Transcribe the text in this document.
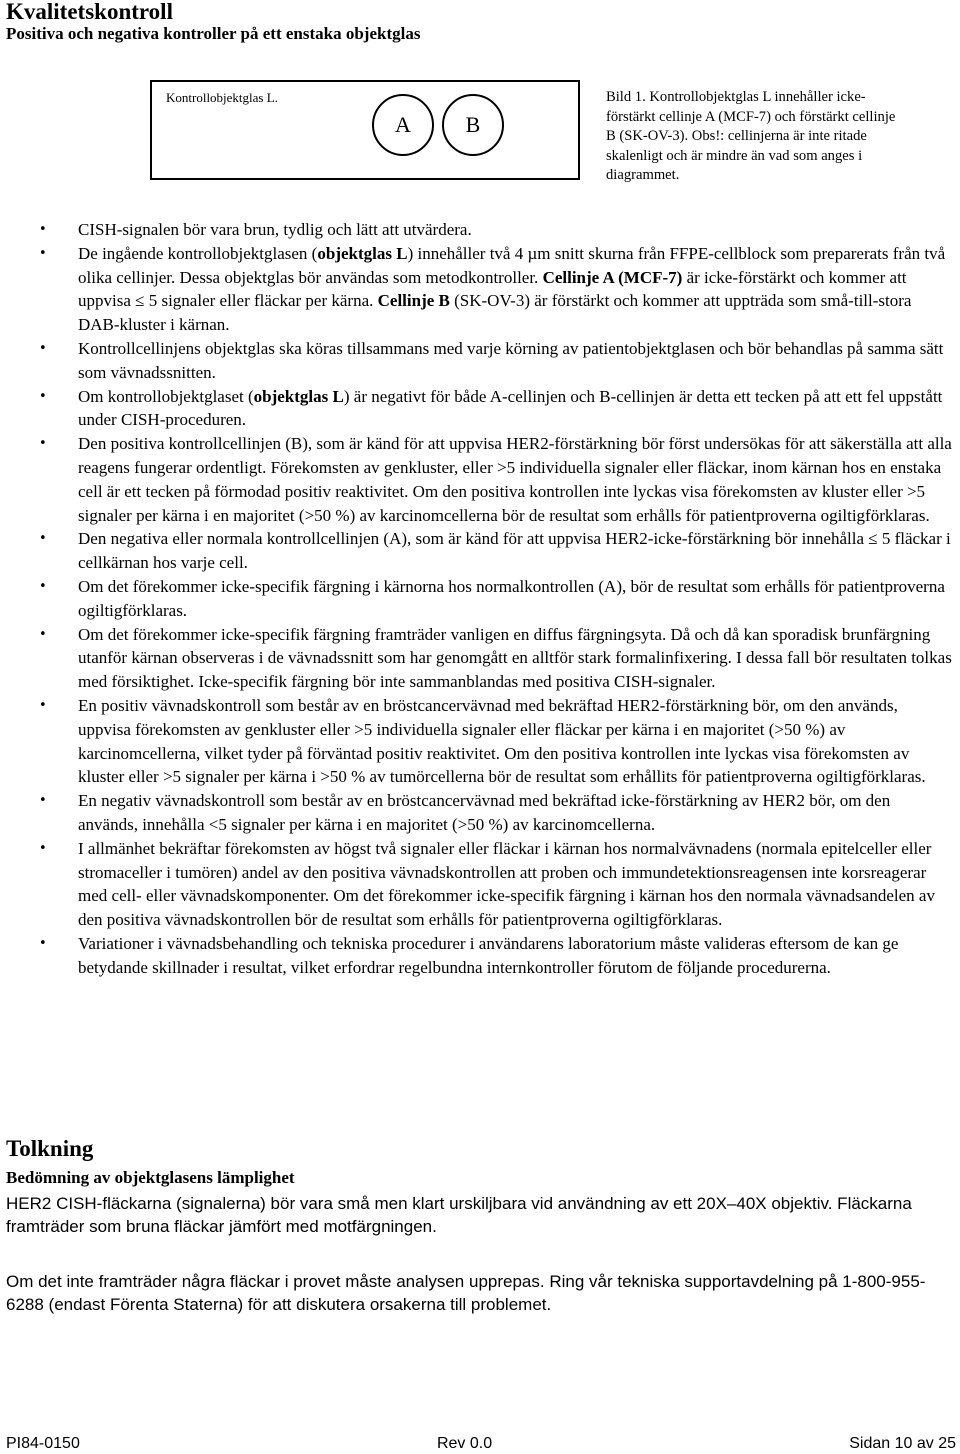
Kvalitetskontroll
Positiva och negativa kontroller på ett enstaka objektglas
Kontrollobjektglas L.
A B
Bild 1. Kontrollobjektglas L innehåller icke-förstärkt cellinje A (MCF-7) och förstärkt cellinje B (SK-OV-3). Obs!: cellinjerna är inte ritade skalenligt och är mindre än vad som anges i diagrammet.
• CISH-signalen bör vara brun, tydlig och lätt att utvärdera.
• De ingående kontrollobjektglasen (objektglas L) innehåller två 4 µm snitt skurna från FFPE-cellblock som preparerats från två olika cellinjer. Dessa objektglas bör användas som metodkontroller. Cellinje A (MCF-7) är icke-förstärkt och kommer att uppvisa ≤ 5 signaler eller fläckar per kärna. Cellinje B (SK-OV-3) är förstärkt och kommer att uppträda som små-till-stora DAB-kluster i kärnan.
• Kontrollcellinjens objektglas ska köras tillsammans med varje körning av patientobjektglasen och bör behandlas på samma sätt som vävnadssnitten.
• Om kontrollobjektglaset (objektglas L) är negativt för både A-cellinjen och B-cellinjen är detta ett tecken på att ett fel uppstått under CISH-proceduren.
• Den positiva kontrollcellinjen (B), som är känd för att uppvisa HER2-förstärkning bör först undersökas för att säkerställa att alla reagens fungerar ordentligt. Förekomsten av genkluster, eller >5 individuella signaler eller fläckar, inom kärnan hos en enstaka cell är ett tecken på förmodad positiv reaktivitet. Om den positiva kontrollen inte lyckas visa förekomsten av kluster eller >5 signaler per kärna i en majoritet (>50 %) av karcinomcellerna bör de resultat som erhålls för patientproverna ogiltigförklaras.
• Den negativa eller normala kontrollcellinjen (A), som är känd för att uppvisa HER2-icke-förstärkning bör innehålla ≤ 5 fläckar i cellkärnan hos varje cell.
• Om det förekommer icke-specifik färgning i kärnorna hos normalkontrollen (A), bör de resultat som erhålls för patientproverna ogiltigförklaras.
• Om det förekommer icke-specifik färgning framträder vanligen en diffus färgningsyta. Då och då kan sporadisk brunfärgning utanför kärnan observeras i de vävnadssnitt som har genomgått en alltför stark formalinfixering. I dessa fall bör resultaten tolkas med försiktighet. Icke-specifik färgning bör inte sammanblandas med positiva CISH-signaler.
• En positiv vävnadskontroll som består av en bröstcancervävnad med bekräftad HER2-förstärkning bör, om den används, uppvisa förekomsten av genkluster eller >5 individuella signaler eller fläckar per kärna i en majoritet (>50 %) av karcinomcellerna, vilket tyder på förväntad positiv reaktivitet. Om den positiva kontrollen inte lyckas visa förekomsten av kluster eller >5 signaler per kärna i >50 % av tumörcellerna bör de resultat som erhållits för patientproverna ogiltigförklaras.
• En negativ vävnadskontroll som består av en bröstcancervävnad med bekräftad icke-förstärkning av HER2 bör, om den används, innehålla <5 signaler per kärna i en majoritet (>50 %) av karcinomcellerna.
• I allmänhet bekräftar förekomsten av högst två signaler eller fläckar i kärnan hos normalvävnadens (normala epitelceller eller stromaceller i tumören) andel av den positiva vävnadskontrollen att proben och immundetektionsreagensen inte korsreagerar med cell- eller vävnadskomponenter. Om det förekommer icke-specifik färgning i kärnan hos den normala vävnadsandelen av den positiva vävnadskontrollen bör de resultat som erhålls för patientproverna ogiltigförklaras.
• Variationer i vävnadsbehandling och tekniska procedurer i användarens laboratorium måste valideras eftersom de kan ge betydande skillnader i resultat, vilket erfordrar regelbundna internkontroller förutom de följande procedurerna.
Tolkning
Bedömning av objektglasens lämplighet
HER2 CISH-fläckarna (signalerna) bör vara små men klart urskiljbara vid användning av ett 20X–40X objektiv. Fläckarna framträder som bruna fläckar jämfört med motfärgningen.
Om det inte framträder några fläckar i provet måste analysen upprepas. Ring vår tekniska supportavdelning på 1-800-955-6288 (endast Förenta Staterna) för att diskutera orsakerna till problemet.
PI84-0150	Rev 0.0	Sidan 10 av 25
